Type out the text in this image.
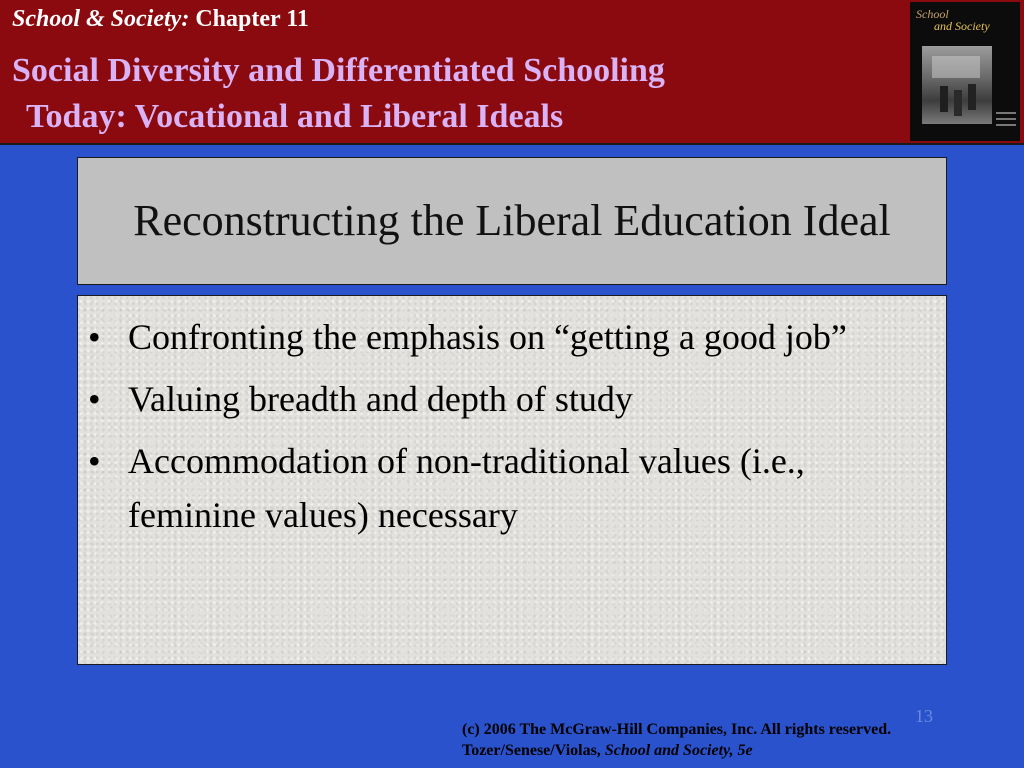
School & Society: Chapter 11

Social Diversity and Differentiated Schooling
Today: Vocational and Liberal Ideals
School
and Society
Reconstructing the Liberal Education Ideal
• Confronting the emphasis on “getting a good job”
• Valuing breadth and depth of study
• Accommodation of non-traditional values (i.e., feminine values) necessary
13
(c) 2006 The McGraw-Hill Companies, Inc. All rights reserved.
Tozer/Senese/Violas, School and Society, 5e
